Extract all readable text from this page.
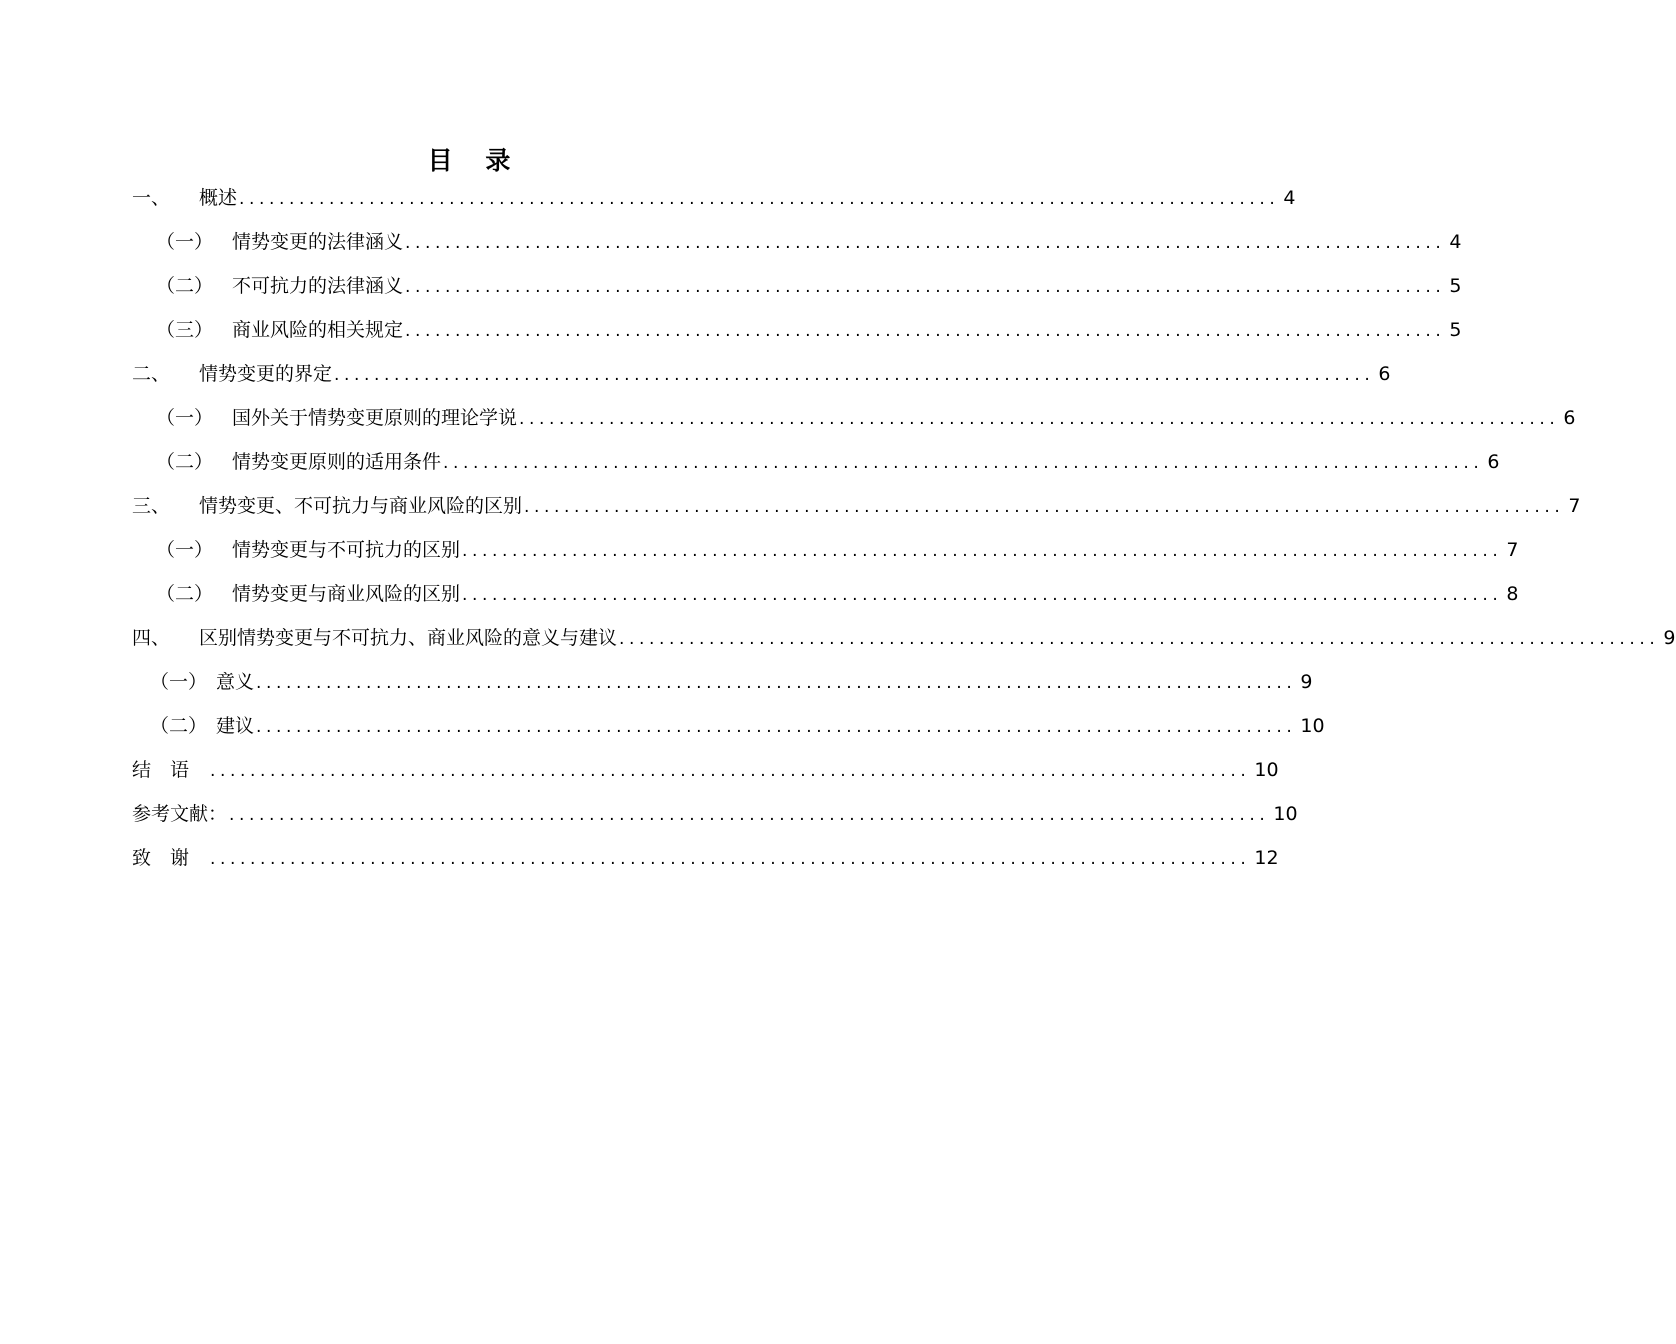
目 录
一、	概述 ........................................................................................................ 4
（一） 情势变更的法律涵义 ........................................................................................................ 4
（二） 不可抗力的法律涵义 ........................................................................................................ 5
（三） 商业风险的相关规定 ........................................................................................................ 5
二、	情势变更的界定 ........................................................................................................ 6
（一） 国外关于情势变更原则的理论学说 ........................................................................................................ 6
（二） 情势变更原则的适用条件 ........................................................................................................ 6
三、	情势变更、不可抗力与商业风险的区别 ........................................................................................................ 7
（一） 情势变更与不可抗力的区别 ........................................................................................................ 7
（二） 情势变更与商业风险的区别 ........................................................................................................ 8
四、	区别情势变更与不可抗力、商业风险的意义与建议 ........................................................................................................ 9
（一） 意义 ........................................................................................................ 9
（二） 建议 ........................................................................................................ 10
结语 ........................................................................................................ 10
参考文献： ........................................................................................................ 10
致谢 ........................................................................................................ 12
